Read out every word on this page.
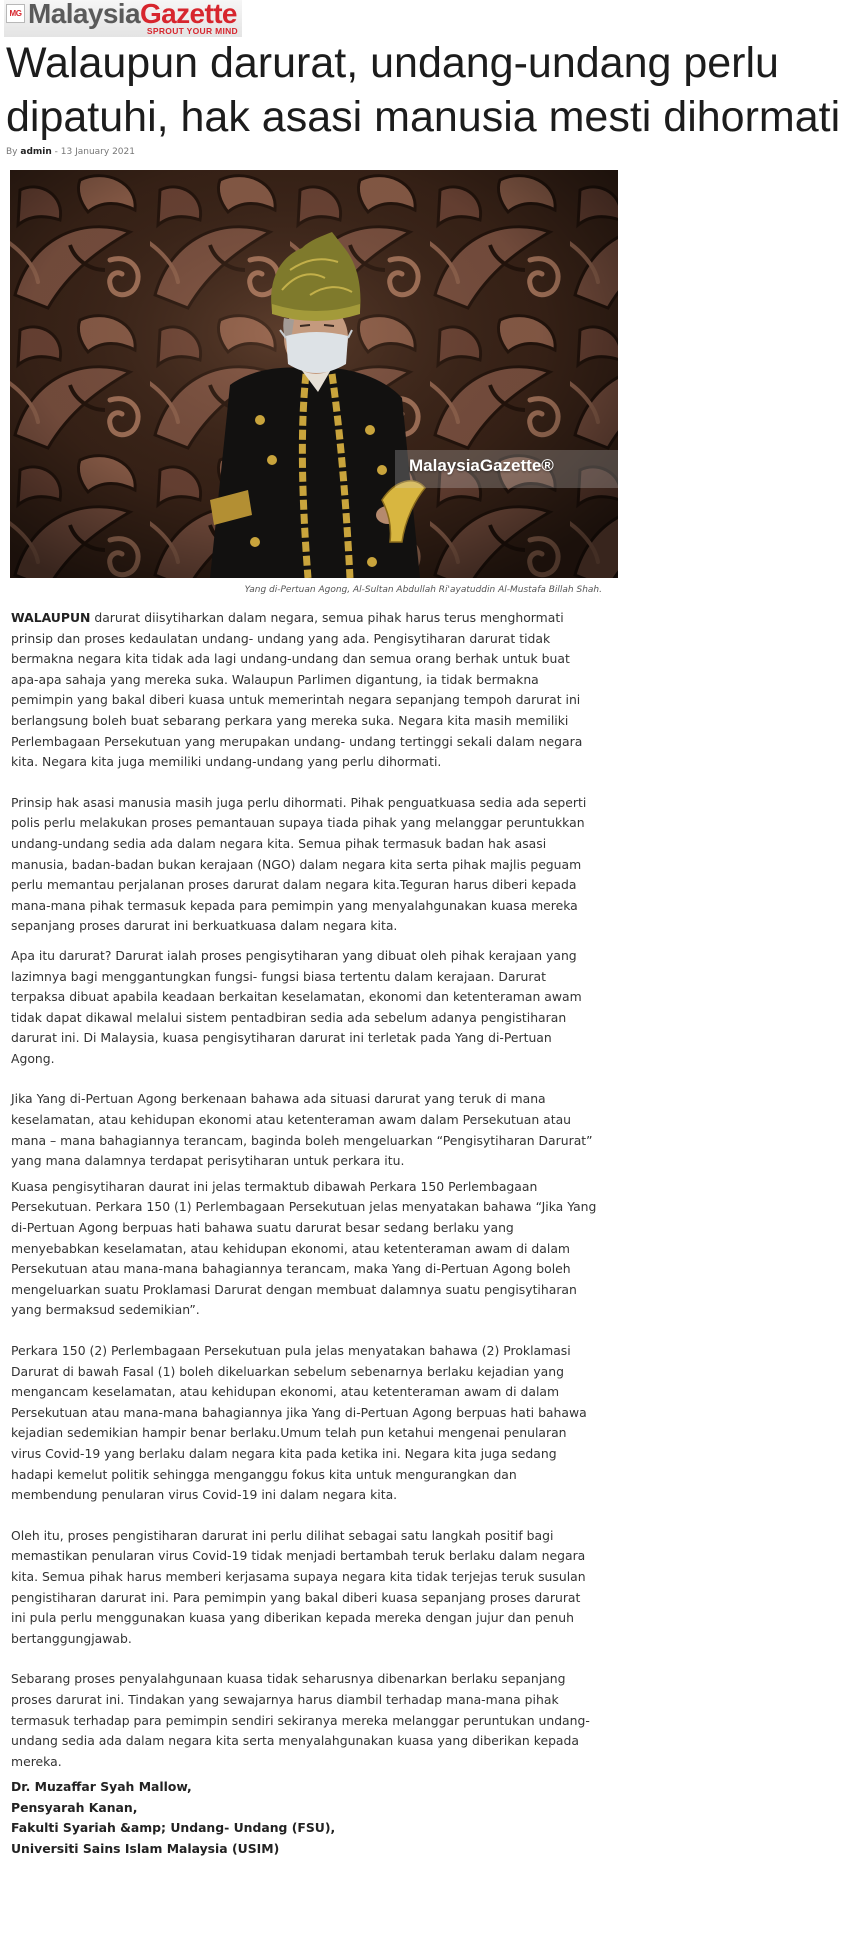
MG MalaysiaGazette
SPROUT YOUR MIND
Walaupun darurat, undang-undang perlu dipatuhi, hak asasi manusia mesti dihormati
By admin - 13 January 2021
MalaysiaGazette®
Yang di-Pertuan Agong, Al-Sultan Abdullah Ri'ayatuddin Al-Mustafa Billah Shah.

WALAUPUN darurat diisytiharkan dalam negara, semua pihak harus terus menghormati prinsip dan proses kedaulatan undang- undang yang ada. Pengisytiharan darurat tidak bermakna negara kita tidak ada lagi undang-undang dan semua orang berhak untuk buat apa-apa sahaja yang mereka suka. Walaupun Parlimen digantung, ia tidak bermakna pemimpin yang bakal diberi kuasa untuk memerintah negara sepanjang tempoh darurat ini berlangsung boleh buat sebarang perkara yang mereka suka. Negara kita masih memiliki Perlembagaan Persekutuan yang merupakan undang- undang tertinggi sekali dalam negara kita. Negara kita juga memiliki undang-undang yang perlu dihormati.

Prinsip hak asasi manusia masih juga perlu dihormati. Pihak penguatkuasa sedia ada seperti polis perlu melakukan proses pemantauan supaya tiada pihak yang melanggar peruntukkan undang-undang sedia ada dalam negara kita. Semua pihak termasuk badan hak asasi manusia, badan-badan bukan kerajaan (NGO) dalam negara kita serta pihak majlis peguam perlu memantau perjalanan proses darurat dalam negara kita.Teguran harus diberi kepada mana-mana pihak termasuk kepada para pemimpin yang menyalahgunakan kuasa mereka sepanjang proses darurat ini berkuatkuasa dalam negara kita.

Apa itu darurat? Darurat ialah proses pengisytiharan yang dibuat oleh pihak kerajaan yang lazimnya bagi menggantungkan fungsi- fungsi biasa tertentu dalam kerajaan. Darurat terpaksa dibuat apabila keadaan berkaitan keselamatan, ekonomi dan ketenteraman awam tidak dapat dikawal melalui sistem pentadbiran sedia ada sebelum adanya pengistiharan darurat ini. Di Malaysia, kuasa pengisytiharan darurat ini terletak pada Yang di-Pertuan Agong.

Jika Yang di-Pertuan Agong berkenaan bahawa ada situasi darurat yang teruk di mana keselamatan, atau kehidupan ekonomi atau ketenteraman awam dalam Persekutuan atau mana – mana bahagiannya terancam, baginda boleh mengeluarkan “Pengisytiharan Darurat” yang mana dalamnya terdapat perisytiharan untuk perkara itu.

Kuasa pengisytiharan daurat ini jelas termaktub dibawah Perkara 150 Perlembagaan Persekutuan. Perkara 150 (1) Perlembagaan Persekutuan jelas menyatakan bahawa “Jika Yang di-Pertuan Agong berpuas hati bahawa suatu darurat besar sedang berlaku yang menyebabkan keselamatan, atau kehidupan ekonomi, atau ketenteraman awam di dalam Persekutuan atau mana-mana bahagiannya terancam, maka Yang di-Pertuan Agong boleh mengeluarkan suatu Proklamasi Darurat dengan membuat dalamnya suatu pengisytiharan yang bermaksud sedemikian”.

Perkara 150 (2) Perlembagaan Persekutuan pula jelas menyatakan bahawa (2) Proklamasi Darurat di bawah Fasal (1) boleh dikeluarkan sebelum sebenarnya berlaku kejadian yang mengancam keselamatan, atau kehidupan ekonomi, atau ketenteraman awam di dalam Persekutuan atau mana-mana bahagiannya jika Yang di-Pertuan Agong berpuas hati bahawa kejadian sedemikian hampir benar berlaku.Umum telah pun ketahui mengenai penularan virus Covid-19 yang berlaku dalam negara kita pada ketika ini. Negara kita juga sedang hadapi kemelut politik sehingga menganggu fokus kita untuk mengurangkan dan membendung penularan virus Covid-19 ini dalam negara kita.

Oleh itu, proses pengistiharan darurat ini perlu dilihat sebagai satu langkah positif bagi memastikan penularan virus Covid-19 tidak menjadi bertambah teruk berlaku dalam negara kita. Semua pihak harus memberi kerjasama supaya negara kita tidak terjejas teruk susulan pengistiharan darurat ini. Para pemimpin yang bakal diberi kuasa sepanjang proses darurat ini pula perlu menggunakan kuasa yang diberikan kepada mereka dengan jujur dan penuh bertanggungjawab.

Sebarang proses penyalahgunaan kuasa tidak seharusnya dibenarkan berlaku sepanjang proses darurat ini. Tindakan yang sewajarnya harus diambil terhadap mana-mana pihak termasuk terhadap para pemimpin sendiri sekiranya mereka melanggar peruntukan undang- undang sedia ada dalam negara kita serta menyalahgunakan kuasa yang diberikan kepada mereka.

Dr. Muzaffar Syah Mallow,
Pensyarah Kanan,
Fakulti Syariah &amp; Undang- Undang (FSU),
Universiti Sains Islam Malaysia (USIM)
